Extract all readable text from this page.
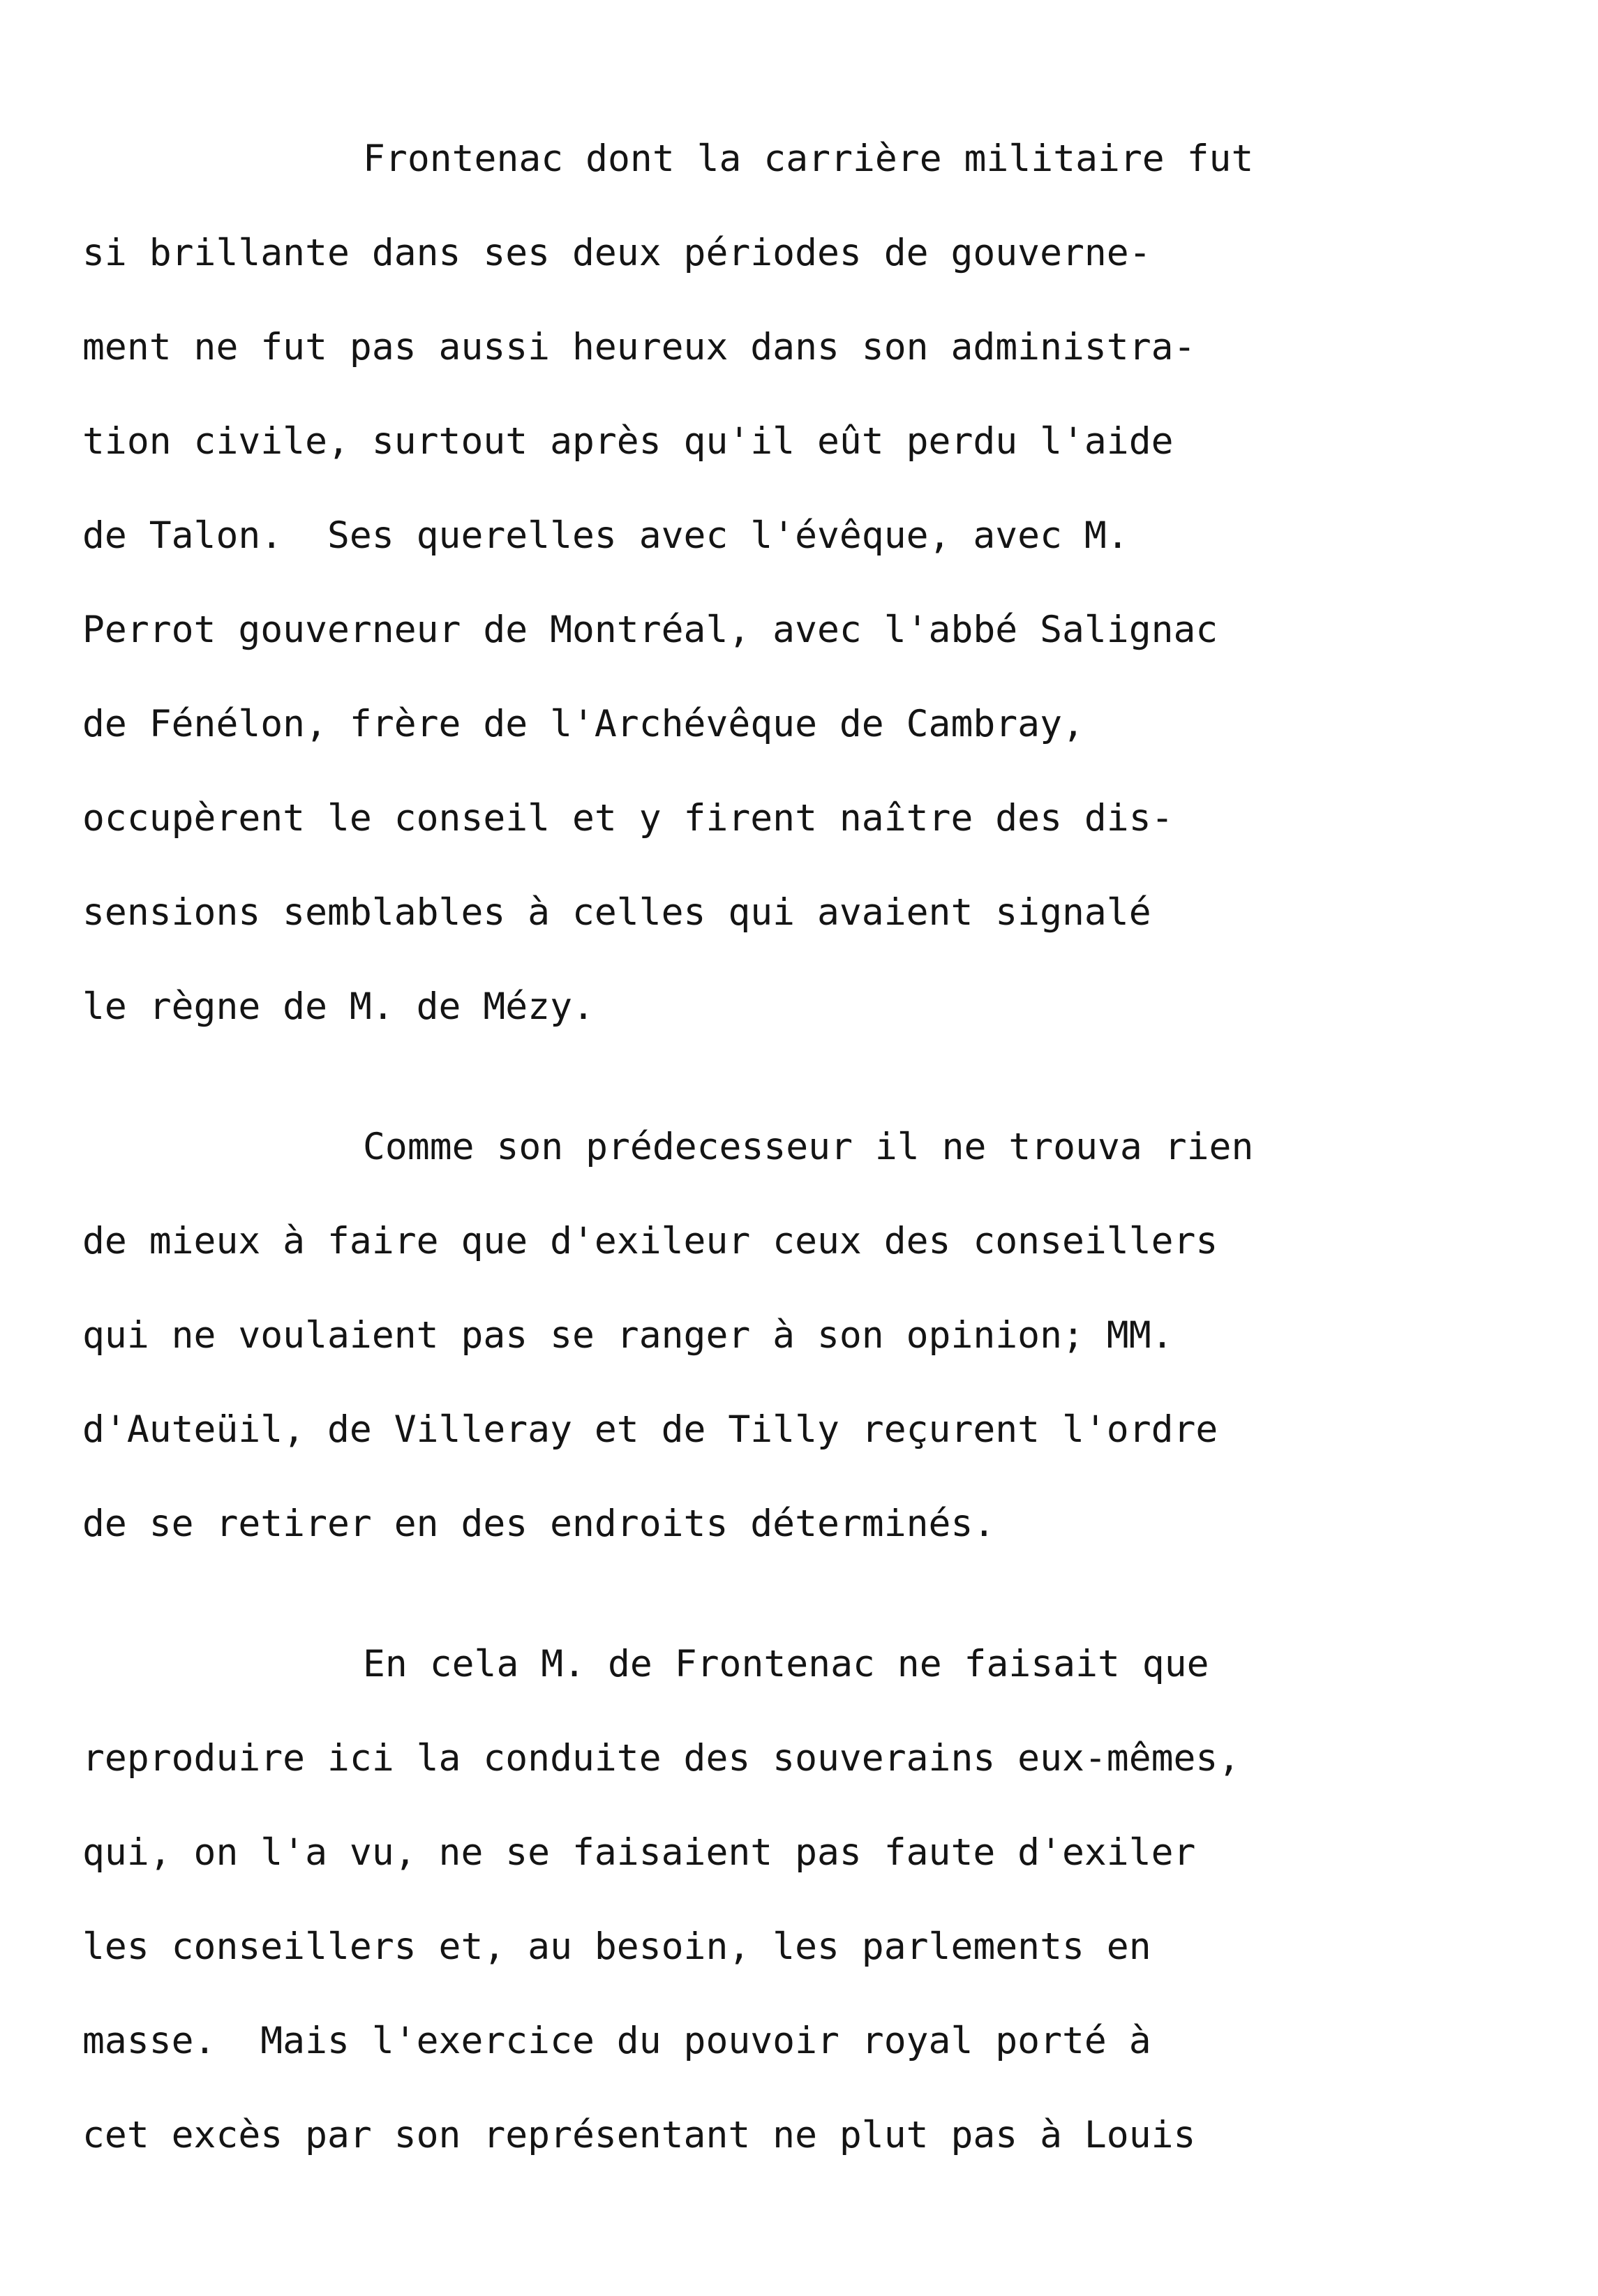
Frontenac dont la carrière militaire fut
si brillante dans ses deux périodes de gouverne-
ment ne fut pas aussi heureux dans son administra-
tion civile, surtout après qu'il eût perdu l'aide
de Talon.  Ses querelles avec l'évêque, avec M.
Perrot gouverneur de Montréal, avec l'abbé Salignac
de Fénélon, frère de l'Archévêque de Cambray,
occupèrent le conseil et y firent naître des dis-
sensions semblables à celles qui avaient signalé
le règne de M. de Mézy.
Comme son prédecesseur il ne trouva rien
de mieux à faire que d'exileur ceux des conseillers
qui ne voulaient pas se ranger à son opinion; MM.
d'Auteüil, de Villeray et de Tilly reçurent l'ordre
de se retirer en des endroits déterminés.
En cela M. de Frontenac ne faisait que
reproduire ici la conduite des souverains eux-mêmes,
qui, on l'a vu, ne se faisaient pas faute d'exiler
les conseillers et, au besoin, les parlements en
masse.  Mais l'exercice du pouvoir royal porté à
cet excès par son représentant ne plut pas à Louis
